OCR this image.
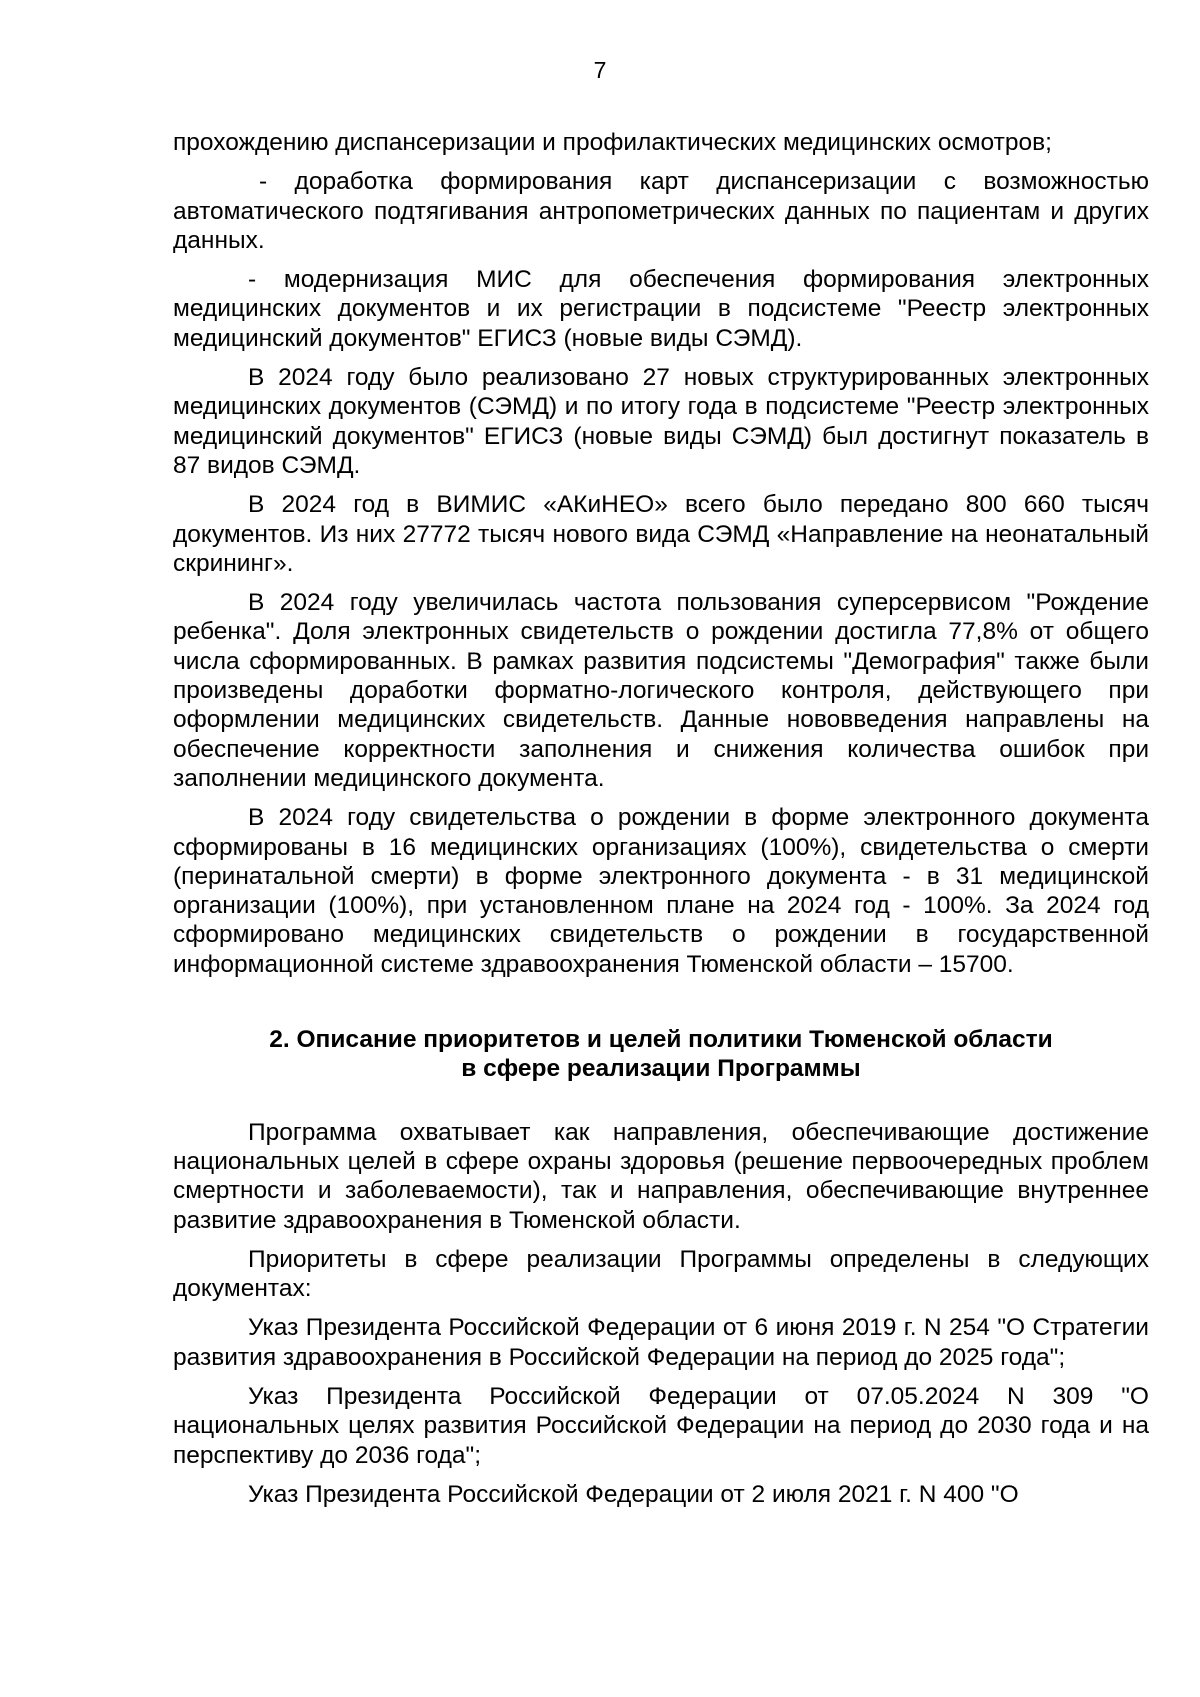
7

прохождению диспансеризации и профилактических медицинских осмотров;

- доработка формирования карт диспансеризации с возможностью автоматического подтягивания антропометрических данных по пациентам и других данных.

- модернизация МИС для обеспечения формирования электронных медицинских документов и их регистрации в подсистеме "Реестр электронных медицинский документов" ЕГИСЗ (новые виды СЭМД).

В 2024 году было реализовано 27 новых структурированных электронных медицинских документов (СЭМД) и по итогу года в подсистеме "Реестр электронных медицинский документов" ЕГИСЗ (новые виды СЭМД) был достигнут показатель в 87 видов СЭМД.

В 2024 год в ВИМИС «АКиНЕО» всего было передано 800 660 тысяч документов. Из них 27772 тысяч нового вида СЭМД «Направление на неонатальный скрининг».

В 2024 году увеличилась частота пользования суперсервисом "Рождение ребенка". Доля электронных свидетельств о рождении достигла 77,8% от общего числа сформированных. В рамках развития подсистемы "Демография" также были произведены доработки форматно-логического контроля, действующего при оформлении медицинских свидетельств. Данные нововведения направлены на обеспечение корректности заполнения и снижения количества ошибок при заполнении медицинского документа.

В 2024 году свидетельства о рождении в форме электронного документа сформированы в 16 медицинских организациях (100%), свидетельства о смерти (перинатальной смерти) в форме электронного документа - в 31 медицинской организации (100%), при установленном плане на 2024 год - 100%. За 2024 год сформировано медицинских свидетельств о рождении в государственной информационной системе здравоохранения Тюменской области – 15700.

2. Описание приоритетов и целей политики Тюменской области
в сфере реализации Программы

Программа охватывает как направления, обеспечивающие достижение национальных целей в сфере охраны здоровья (решение первоочередных проблем смертности и заболеваемости), так и направления, обеспечивающие внутреннее развитие здравоохранения в Тюменской области.

Приоритеты в сфере реализации Программы определены в следующих документах:

Указ Президента Российской Федерации от 6 июня 2019 г. N 254 "О Стратегии развития здравоохранения в Российской Федерации на период до 2025 года";

Указ Президента Российской Федерации от 07.05.2024 N 309 "О национальных целях развития Российской Федерации на период до 2030 года и на перспективу до 2036 года";

Указ Президента Российской Федерации от 2 июля 2021 г. N 400 "О
